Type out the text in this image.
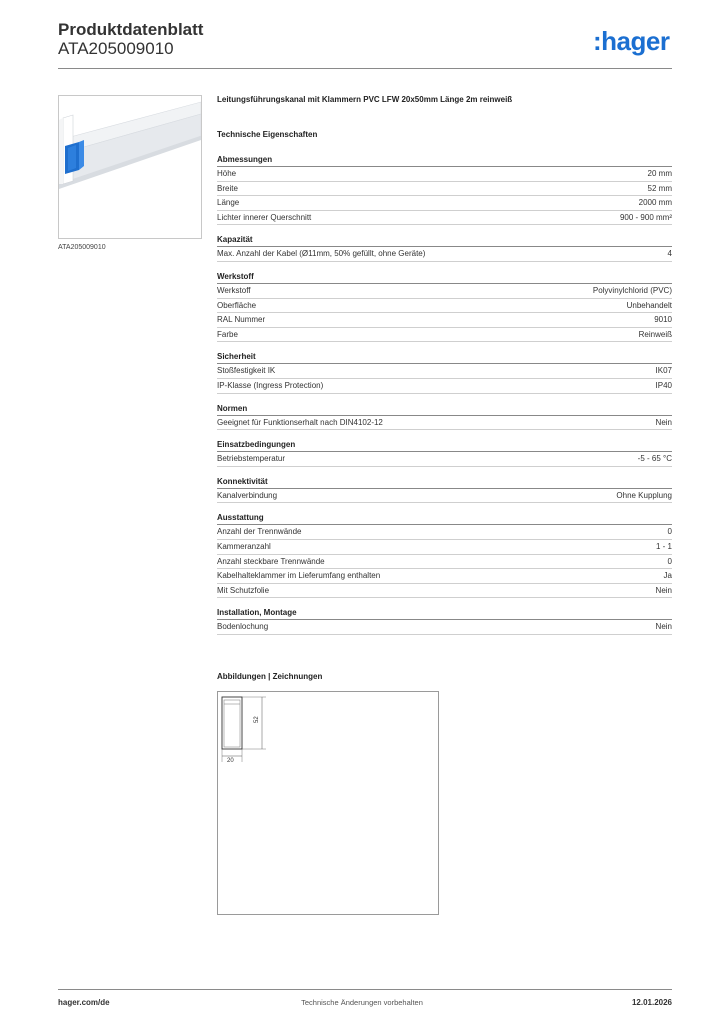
Produktdatenblatt
ATA205009010	:hager
ATA205009010
Leitungsführungskanal mit Klammern PVC LFW 20x50mm Länge 2m reinweiß
Technische Eigenschaften
Abmessungen
Höhe	20 mm
Breite	52 mm
Länge	2000 mm
Lichter innerer Querschnitt	900 - 900 mm²
Kapazität
Max. Anzahl der Kabel (Ø11mm, 50% gefüllt, ohne Geräte)	4
Werkstoff
Werkstoff	Polyvinylchlorid (PVC)
Oberfläche	Unbehandelt
RAL Nummer	9010
Farbe	Reinweiß
Sicherheit
Stoßfestigkeit IK	IK07
IP-Klasse (Ingress Protection)	IP40
Normen
Geeignet für Funktionserhalt nach DIN4102-12	Nein
Einsatzbedingungen
Betriebstemperatur	-5 - 65 °C
Konnektivität
Kanalverbindung	Ohne Kupplung
Ausstattung
Anzahl der Trennwände	0
Kammeranzahl	1 - 1
Anzahl steckbare Trennwände	0
Kabelhalteklammer im Lieferumfang enthalten	Ja
Mit Schutzfolie	Nein
Installation, Montage
Bodenlochung	Nein
Abbildungen | Zeichnungen
52
20
hager.com/de	Technische Änderungen vorbehalten	12.01.2026
